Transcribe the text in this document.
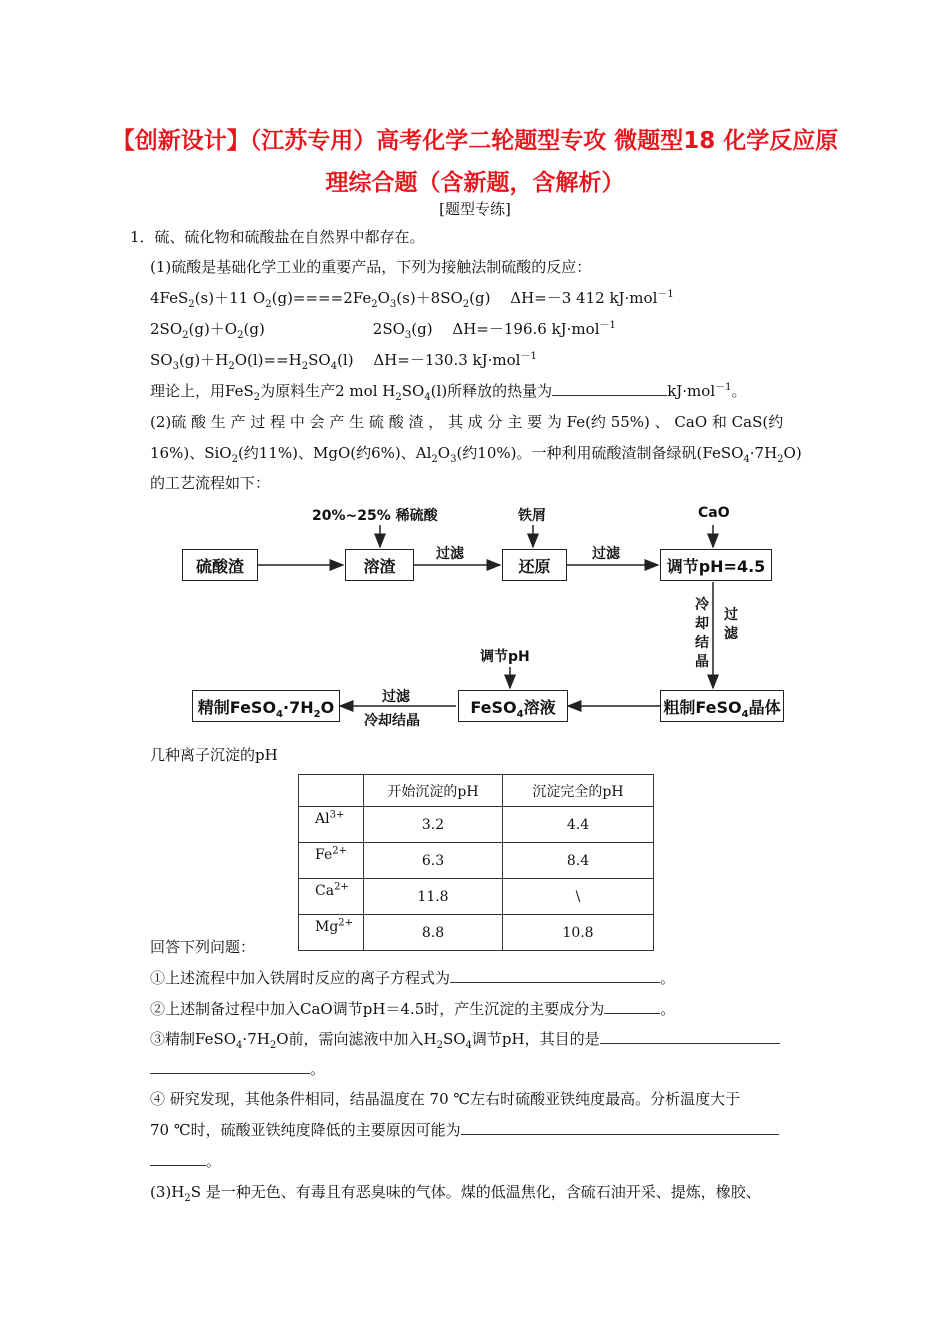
【创新设计】（江苏专用）高考化学二轮题型专攻 微题型18 化学反应原理综合题（含新题，含解析）
[题型专练]
1．硫、硫化物和硫酸盐在自然界中都存在。
(1)硫酸是基础化学工业的重要产品，下列为接触法制硫酸的反应：
4FeS$_2$(s)＋11 $O_2(g)====2Fe_2O_3(s)+8SO_2(g)$　 ΔH=－3 412 kJ·mol$^{-1}$
$2SO_2(g)+O_2(g)$	$2SO_3(g)$　 ΔH=－196.6 kJ·mol$^{-1}$
$SO_3(g)+H_2O(l)==H_2SO_4(l)$　 ΔH=－130.3 kJ·mol$^{-1}$
理论上，用FeS$_2$为原料生产2 mol $H_2SO_4(l)$所释放的热量为	kJ·mol$^{-1}$。
(2)硫 酸 生 产 过 程 中 会 产 生 硫 酸 渣 ， 其 成 分 主 要 为 Fe(约 55%) 、 CaO 和 CaS(约
16%)、SiO$_2$(约11%)、MgO(约6%)、$Al_2O_3$(约10%)。一种利用硫酸渣制备绿矾$(FeSO_4\cdot 7H_2O)$
的工艺流程如下：
硫酸渣	溶渣	还原	调节pH=4.5
粗制FeSO$_4$晶体
FeSO$_4$溶液
精制$FeSO_4\cdot 7H_2O$
20%~25% 稀硫酸
过滤
铁屑
过滤
CaO
冷却结晶
过滤
调节pH
过滤
冷却结晶
几种离子沉淀的pH
	开始沉淀的pH	沉淀完全的pH
$Al^{3+}$	3.2	4.4
$Fe^{2+}$	6.3	8.4
$Ca^{2+}$	11.8	\
$Mg^{2+}$	8.8	10.8
回答下列问题：
①上述流程中加入铁屑时反应的离子方程式为	。
②上述制备过程中加入CaO调节pH＝4.5时，产生沉淀的主要成分为	。
③精制$FeSO_4\cdot 7H_2O$前，需向滤液中加入$H_2SO_4$调节pH，其目的是
。
④ 研究发现，其他条件相同，结晶温度在 70 ℃左右时硫酸亚铁纯度最高。分析温度大于
70 ℃时，硫酸亚铁纯度降低的主要原因可能为
。
$(3)H_2S$ 是一种无色、有毒且有恶臭味的气体。煤的低温焦化，含硫石油开采、提炼，橡胶、
